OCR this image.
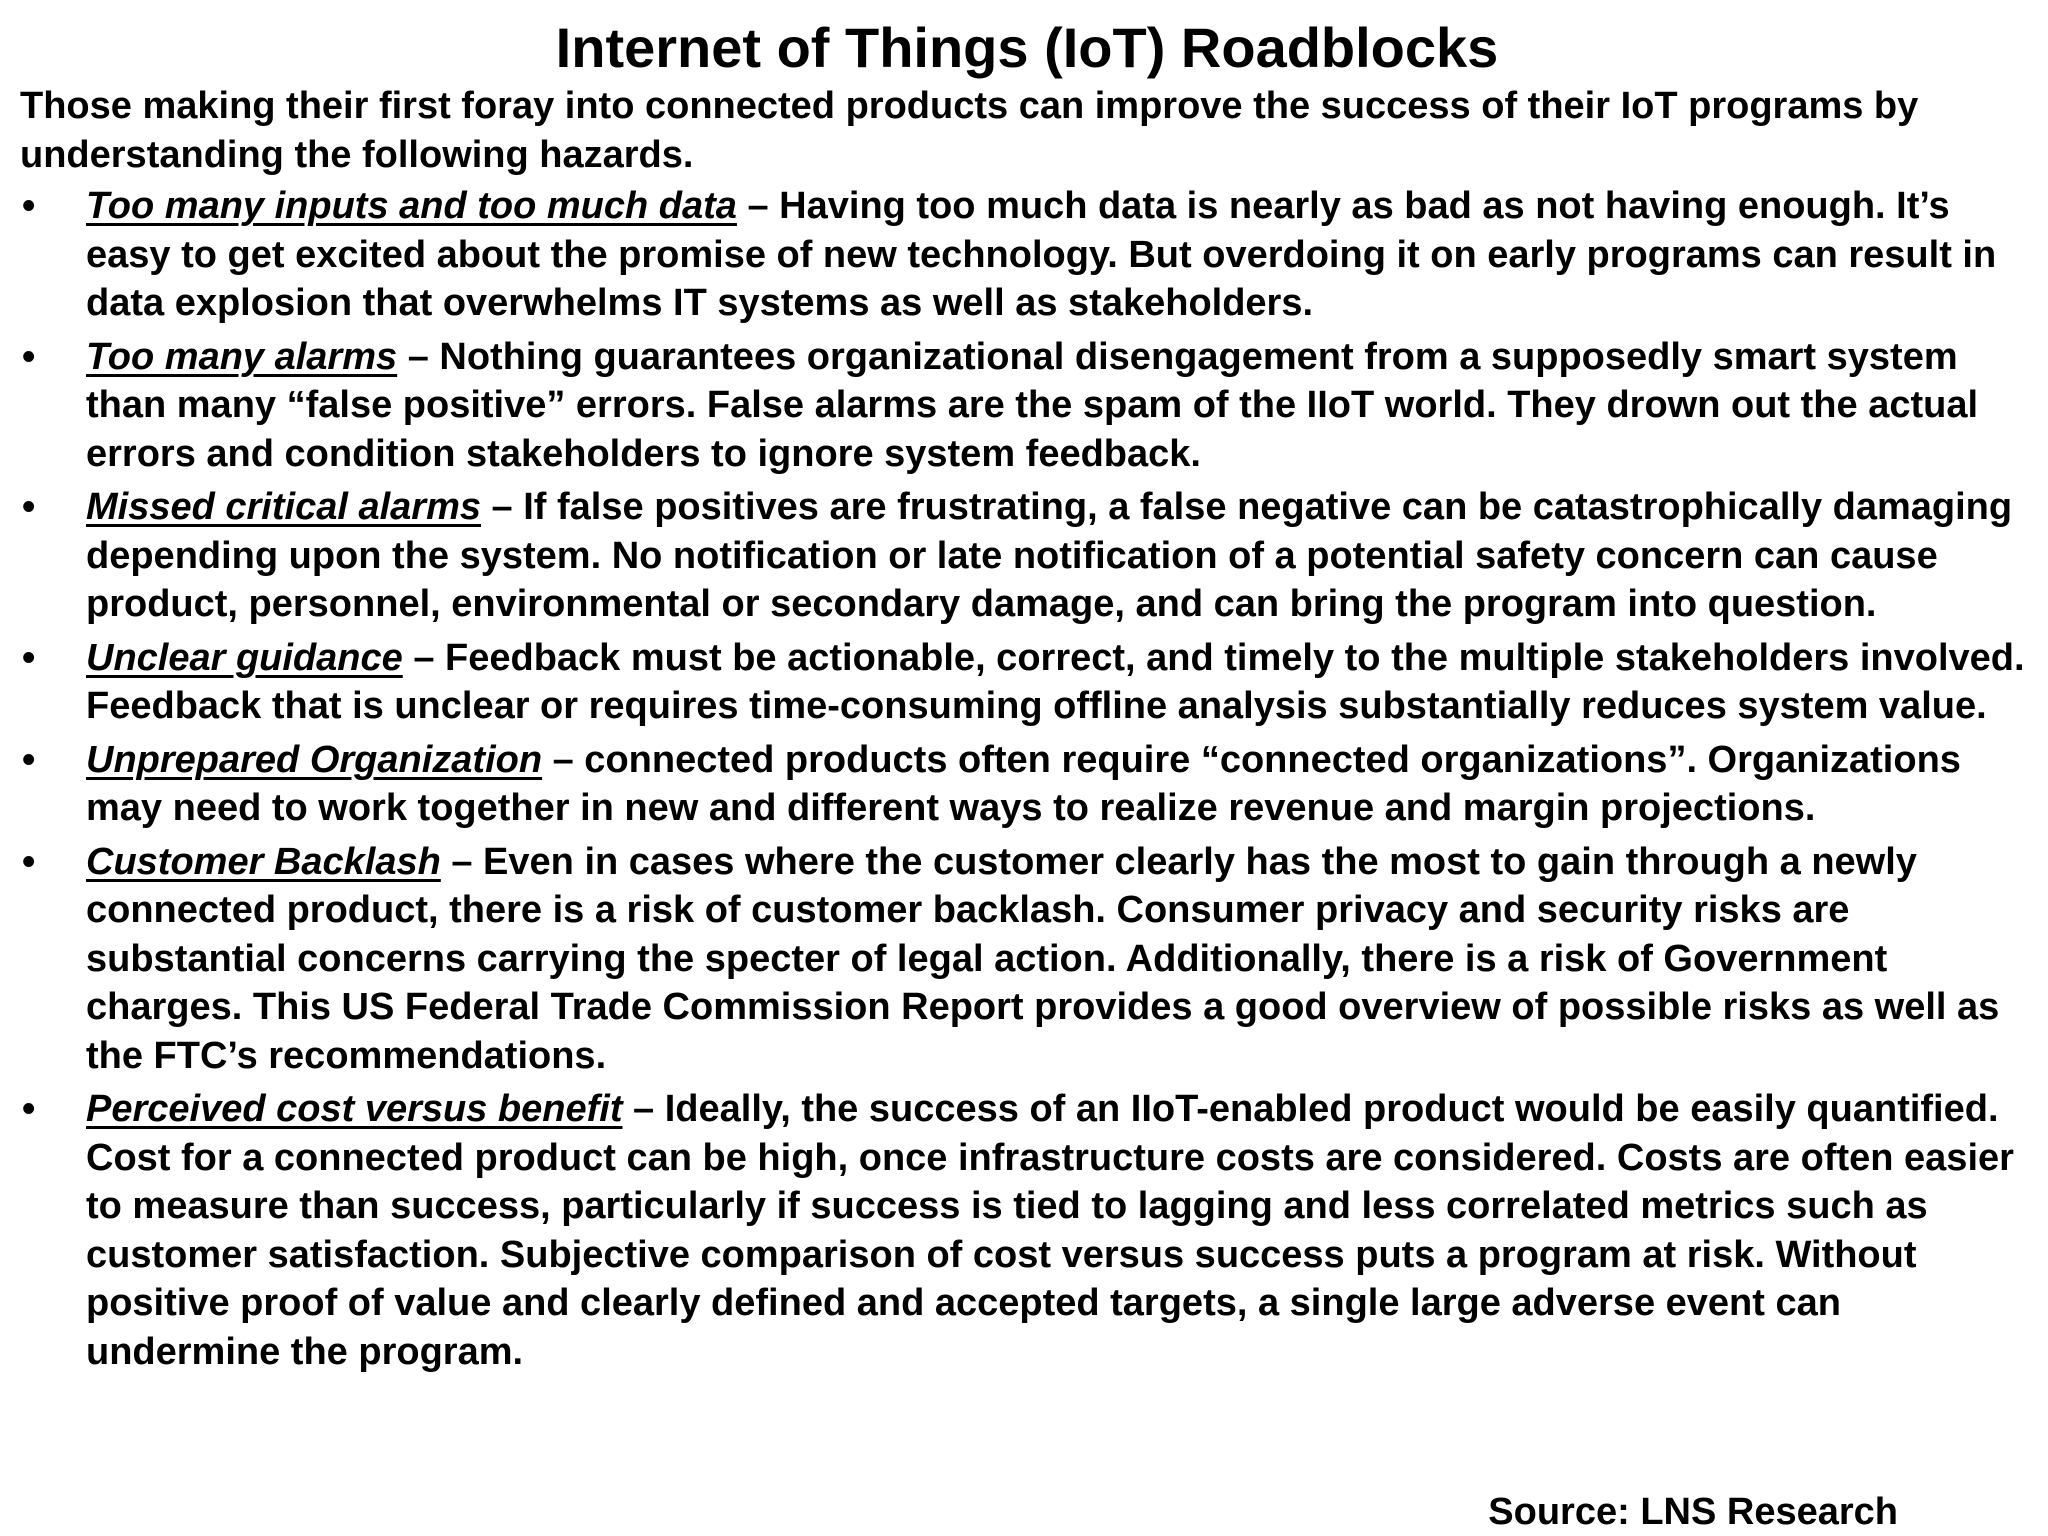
Internet of Things (IoT) Roadblocks

Those making their first foray into connected products can improve the success of their IoT programs by understanding the following hazards.

•	Too many inputs and too much data – Having too much data is nearly as bad as not having enough. It’s easy to get excited about the promise of new technology. But overdoing it on early programs can result in data explosion that overwhelms IT systems as well as stakeholders.
•	Too many alarms – Nothing guarantees organizational disengagement from a supposedly smart system than many “false positive” errors. False alarms are the spam of the IIoT world. They drown out the actual errors and condition stakeholders to ignore system feedback.
•	Missed critical alarms – If false positives are frustrating, a false negative can be catastrophically damaging depending upon the system. No notification or late notification of a potential safety concern can cause product, personnel, environmental or secondary damage, and can bring the program into question.
•	Unclear guidance – Feedback must be actionable, correct, and timely to the multiple stakeholders involved. Feedback that is unclear or requires time-consuming offline analysis substantially reduces system value.
•	Unprepared Organization – connected products often require “connected organizations”. Organizations may need to work together in new and different ways to realize revenue and margin projections.
•	Customer Backlash – Even in cases where the customer clearly has the most to gain through a newly connected product, there is a risk of customer backlash. Consumer privacy and security risks are substantial concerns carrying the specter of legal action. Additionally, there is a risk of Government charges. This US Federal Trade Commission Report provides a good overview of possible risks as well as the FTC’s recommendations.
•	Perceived cost versus benefit – Ideally, the success of an IIoT-enabled product would be easily quantified. Cost for a connected product can be high, once infrastructure costs are considered. Costs are often easier to measure than success, particularly if success is tied to lagging and less correlated metrics such as customer satisfaction. Subjective comparison of cost versus success puts a program at risk. Without positive proof of value and clearly defined and accepted targets, a single large adverse event can undermine the program.
Source: LNS Research
